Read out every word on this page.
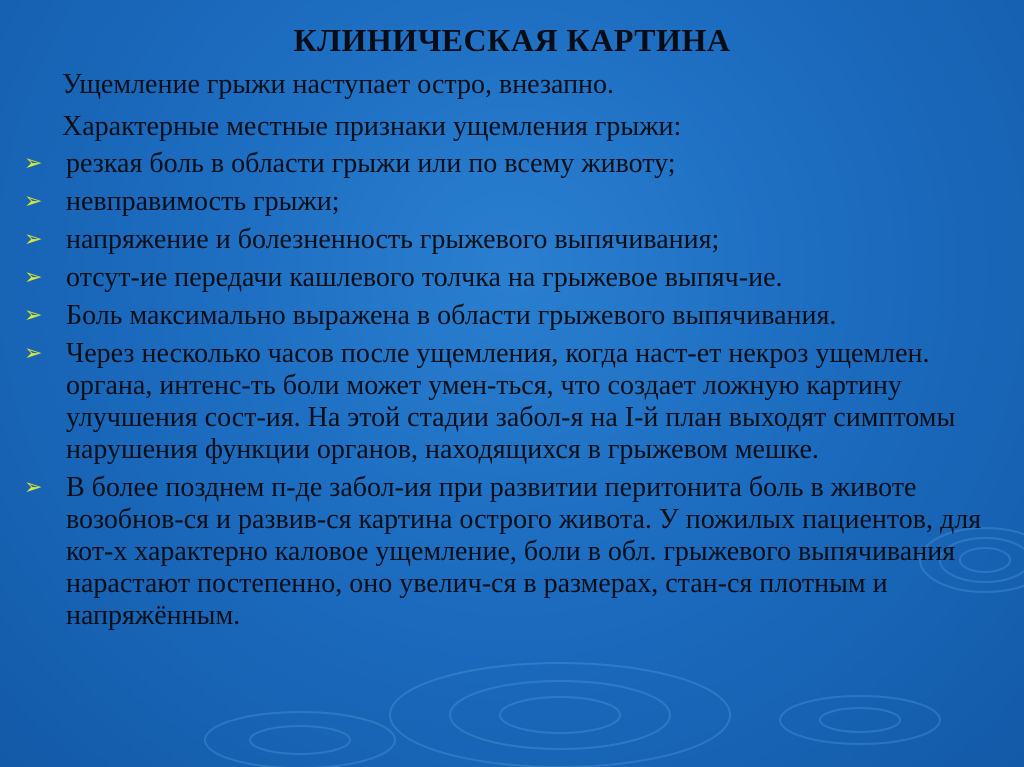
КЛИНИЧЕСКАЯ КАРТИНА
Ущемление грыжи наступает остро, внезапно.
Характерные местные признаки ущемления грыжи:
➢ резкая боль в области грыжи или по всему животу;
➢ невправимость грыжи;
➢ напряжение и болезненность грыжевого выпячивания;
➢ отсут-ие передачи кашлевого толчка на грыжевое выпяч-ие.
➢ Боль максимально выражена в области грыжевого выпячивания.
➢ Через несколько часов после ущемления, когда наст-ет некроз ущемлен. органа, интенс-ть боли может умен-ться, что создает ложную картину улучшения сост-ия. На этой стадии забол-я на I-й план выходят симптомы нарушения функции органов, находящихся в грыжевом мешке.
➢ В более позднем п-де забол-ия при развитии перитонита боль в животе возобнов-ся и развив-ся картина острого живота. У пожилых пациентов, для кот-х характерно каловое ущемление, боли в обл. грыжевого выпячивания нарастают постепенно, оно увелич-ся в размерах, стан-ся плотным и напряжённым.
